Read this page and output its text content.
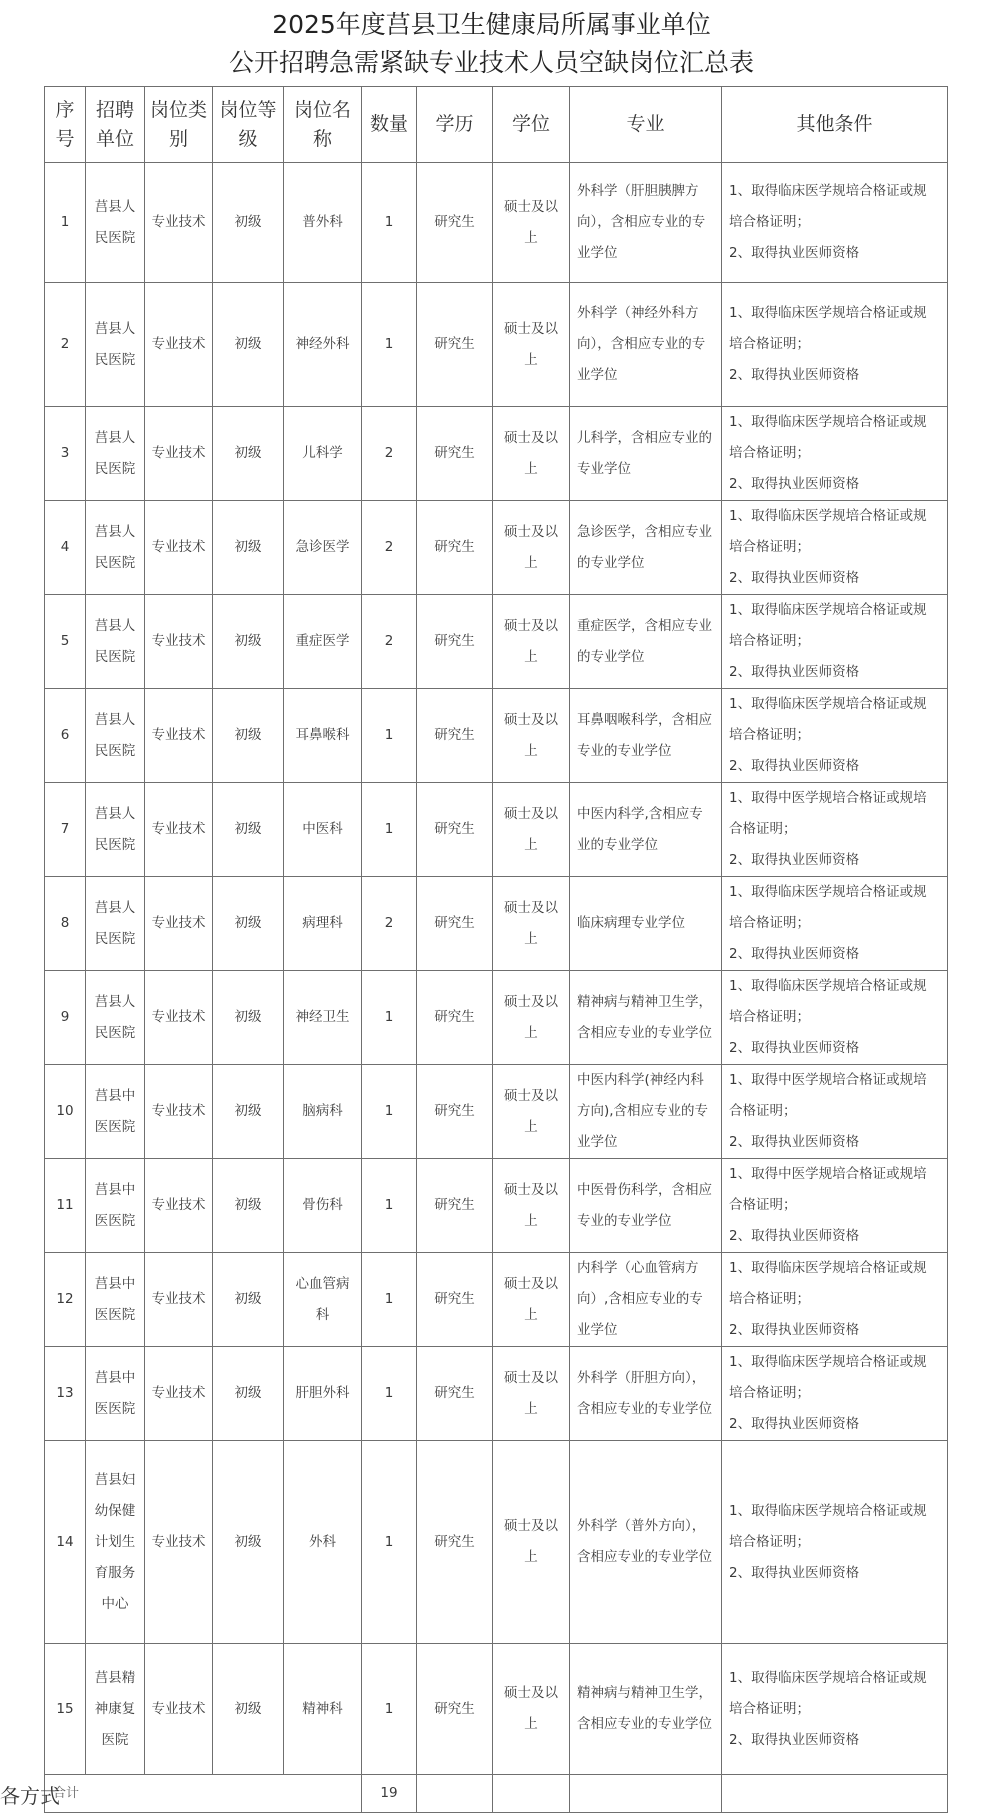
2025年度莒县卫生健康局所属事业单位
公开招聘急需紧缺专业技术人员空缺岗位汇总表
序号	招聘单位	岗位类别	岗位等级	岗位名称	数量	学历	学位	专业	其他条件
1	莒县人民医院	专业技术	初级	普外科	1	研究生	硕士及以上	外科学（肝胆胰脾方向），含相应专业的专业学位	1、取得临床医学规培合格证或规培合格证明；
2、取得执业医师资格

2	莒县人民医院	专业技术	初级	神经外科	1	研究生	硕士及以上	外科学（神经外科方向），含相应专业的专业学位	1、取得临床医学规培合格证或规培合格证明；
2、取得执业医师资格

3	莒县人民医院	专业技术	初级	儿科学	2	研究生	硕士及以上	儿科学，含相应专业的专业学位	1、取得临床医学规培合格证或规培合格证明；
2、取得执业医师资格

4	莒县人民医院	专业技术	初级	急诊医学	2	研究生	硕士及以上	急诊医学，含相应专业的专业学位	1、取得临床医学规培合格证或规培合格证明；
2、取得执业医师资格

5	莒县人民医院	专业技术	初级	重症医学	2	研究生	硕士及以上	重症医学，含相应专业的专业学位	1、取得临床医学规培合格证或规培合格证明；
2、取得执业医师资格

6	莒县人民医院	专业技术	初级	耳鼻喉科	1	研究生	硕士及以上	耳鼻咽喉科学，含相应专业的专业学位	1、取得临床医学规培合格证或规培合格证明；
2、取得执业医师资格

7	莒县人民医院	专业技术	初级	中医科	1	研究生	硕士及以上	中医内科学,含相应专业的专业学位	1、取得中医学规培合格证或规培合格证明；
2、取得执业医师资格

8	莒县人民医院	专业技术	初级	病理科	2	研究生	硕士及以上	临床病理专业学位	1、取得临床医学规培合格证或规培合格证明；
2、取得执业医师资格

9	莒县人民医院	专业技术	初级	神经卫生	1	研究生	硕士及以上	精神病与精神卫生学，含相应专业的专业学位	1、取得临床医学规培合格证或规培合格证明；
2、取得执业医师资格

10	莒县中医医院	专业技术	初级	脑病科	1	研究生	硕士及以上	中医内科学(神经内科方向),含相应专业的专业学位	1、取得中医学规培合格证或规培合格证明；
2、取得执业医师资格

11	莒县中医医院	专业技术	初级	骨伤科	1	研究生	硕士及以上	中医骨伤科学，含相应专业的专业学位	1、取得中医学规培合格证或规培合格证明；
2、取得执业医师资格

12	莒县中医医院	专业技术	初级	心血管病科	1	研究生	硕士及以上	内科学（心血管病方向）,含相应专业的专业学位	1、取得临床医学规培合格证或规培合格证明；
2、取得执业医师资格

13	莒县中医医院	专业技术	初级	肝胆外科	1	研究生	硕士及以上	外科学（肝胆方向），含相应专业的专业学位	1、取得临床医学规培合格证或规培合格证明；
2、取得执业医师资格

14	莒县妇幼保健计划生育服务中心	专业技术	初级	外科	1	研究生	硕士及以上	外科学（普外方向），含相应专业的专业学位	1、取得临床医学规培合格证或规培合格证明；
2、取得执业医师资格

15	莒县精神康复医院	专业技术	初级	精神科	1	研究生	硕士及以上	精神病与精神卫生学，含相应专业的专业学位	1、取得临床医学规培合格证或规培合格证明；
2、取得执业医师资格

合计					19				
各方式
